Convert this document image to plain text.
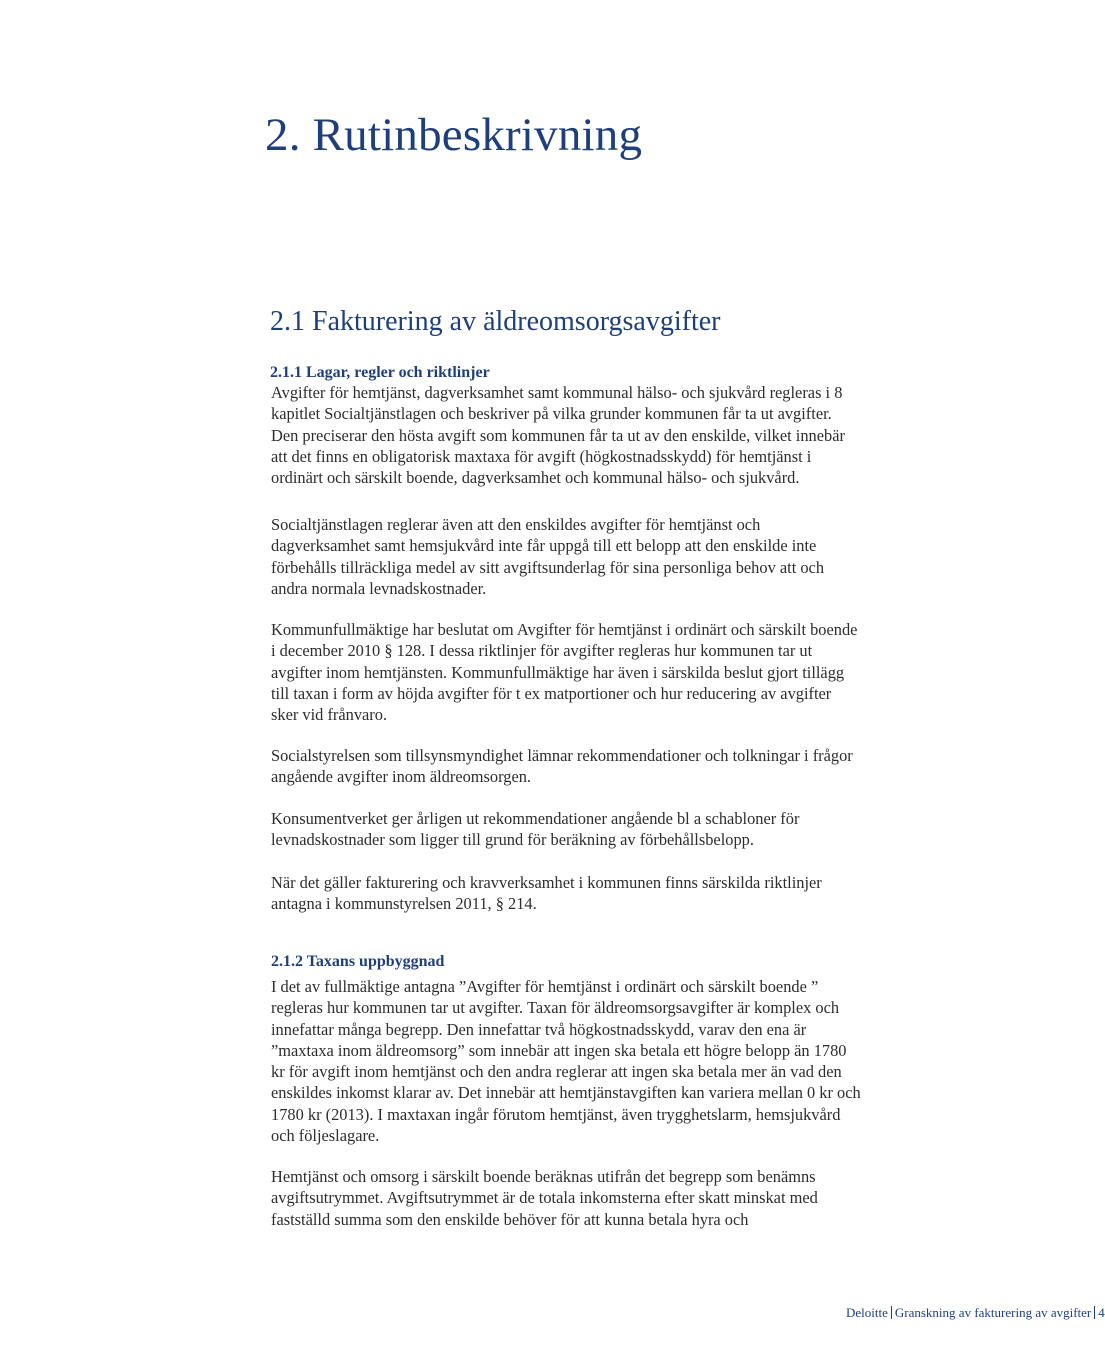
2. Rutinbeskrivning
2.1 Fakturering av äldreomsorgsavgifter
2.1.1 Lagar, regler och riktlinjer

Avgifter för hemtjänst, dagverksamhet samt kommunal hälso- och sjukvård regleras i 8
kapitlet Socialtjänstlagen och beskriver på vilka grunder kommunen får ta ut avgifter.
Den preciserar den hösta avgift som kommunen får ta ut av den enskilde, vilket innebär
att det finns en obligatorisk maxtaxa för avgift (högkostnadsskydd) för hemtjänst i
ordinärt och särskilt boende, dagverksamhet och kommunal hälso- och sjukvård.

Socialtjänstlagen reglerar även att den enskildes avgifter för hemtjänst och
dagverksamhet samt hemsjukvård inte får uppgå till ett belopp att den enskilde inte
förbehålls tillräckliga medel av sitt avgiftsunderlag för sina personliga behov att och
andra normala levnadskostnader.

Kommunfullmäktige har beslutat om Avgifter för hemtjänst i ordinärt och särskilt boende
i december 2010 § 128. I dessa riktlinjer för avgifter regleras hur kommunen tar ut
avgifter inom hemtjänsten. Kommunfullmäktige har även i särskilda beslut gjort tillägg
till taxan i form av höjda avgifter för t ex matportioner och hur reducering av avgifter
sker vid frånvaro.

Socialstyrelsen som tillsynsmyndighet lämnar rekommendationer och tolkningar i frågor
angående avgifter inom äldreomsorgen.

Konsumentverket ger årligen ut rekommendationer angående bl a schabloner för
levnadskostnader som ligger till grund för beräkning av förbehållsbelopp.

När det gäller fakturering och kravverksamhet i kommunen finns särskilda riktlinjer
antagna i kommunstyrelsen 2011, § 214.

2.1.2 Taxans uppbyggnad

I det av fullmäktige antagna ”Avgifter för hemtjänst i ordinärt och särskilt boende ”
regleras hur kommunen tar ut avgifter. Taxan för äldreomsorgsavgifter är komplex och
innefattar många begrepp. Den innefattar två högkostnadsskydd, varav den ena är
”maxtaxa inom äldreomsorg” som innebär att ingen ska betala ett högre belopp än 1780
kr för avgift inom hemtjänst och den andra reglerar att ingen ska betala mer än vad den
enskildes inkomst klarar av. Det innebär att hemtjänstavgiften kan variera mellan 0 kr och
1780 kr (2013). I maxtaxan ingår förutom hemtjänst, även trygghetslarm, hemsjukvård
och följeslagare.

Hemtjänst och omsorg i särskilt boende beräknas utifrån det begrepp som benämns
avgiftsutrymmet. Avgiftsutrymmet är de totala inkomsterna efter skatt minskat med
fastställd summa som den enskilde behöver för att kunna betala hyra och

Deloitte Granskning av fakturering av avgifter 4
